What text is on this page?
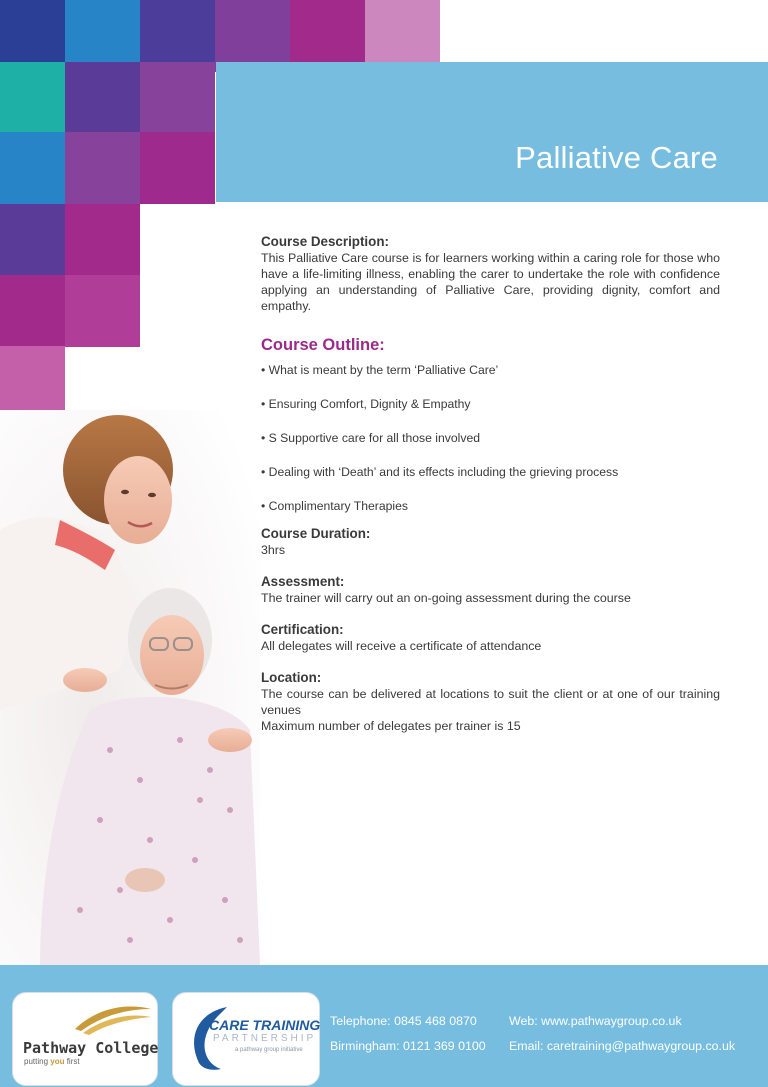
Palliative Care
Course Description:
This Palliative Care course is for learners working within a caring role for those who have a life-limiting illness, enabling the carer to undertake the role with confidence applying an understanding of Palliative Care, providing dignity, comfort and empathy.
Course Outline:
• What is meant by the term ‘Palliative Care’
• Ensuring Comfort, Dignity & Empathy
• S Supportive care for all those involved
• Dealing with ‘Death’ and its effects including the grieving process
• Complimentary Therapies
Course Duration:
3hrs
Assessment:
The trainer will carry out an on-going assessment during the course
Certification:
All delegates will receive a certificate of attendance
Location:
The course can be delivered at locations to suit the client or at one of our training venues
Maximum number of delegates per trainer is 15
Pathway College
putting you first
CARE TRAINING
PARTNERSHIP
a pathway group initiative
Telephone: 0845 468 0870
Birmingham: 0121 369 0100
Web: www.pathwaygroup.co.uk
Email: caretraining@pathwaygroup.co.uk
